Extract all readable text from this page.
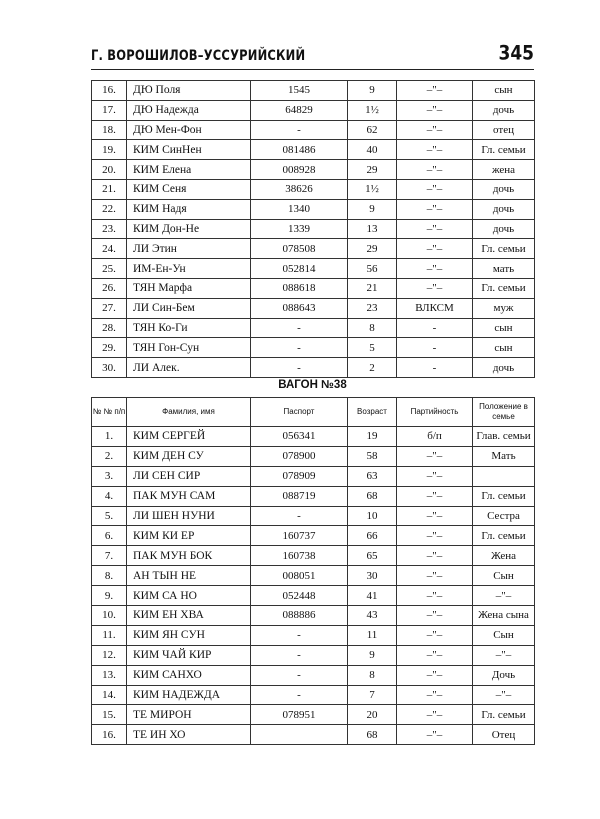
Г. ВОРОШИЛОВ–УССУРИЙСКИЙ	345
16.	ДЮ Поля	1545	9	–"–	сын
17.	ДЮ Надежда	64829	1½	–"–	дочь
18.	ДЮ Мен-Фон	-	62	–"–	отец
19.	КИМ СинНен	081486	40	–"–	Гл. семьи
20.	КИМ Елена	008928	29	–"–	жена
21.	КИМ Сеня	38626	1½	–"–	дочь
22.	КИМ Надя	1340	9	–"–	дочь
23.	КИМ Дон-Не	1339	13	–"–	дочь
24.	ЛИ Этин	078508	29	–"–	Гл. семьи
25.	ИМ-Ен-Ун	052814	56	–"–	мать
26.	ТЯН Марфа	088618	21	–"–	Гл. семьи
27.	ЛИ Син-Бем	088643	23	ВЛКСМ	муж
28.	ТЯН Ко-Ги	-	8	-	сын
29.	ТЯН Гон-Сун	-	5	-	сын
30.	ЛИ Алек.	-	2	-	дочь
ВАГОН №38
№ № п/п	Фамилия, имя	Паспорт	Возраст	Партийность	Положение в семье
1.	КИМ СЕРГЕЙ	056341	19	б/п	Глав. семьи
2.	КИМ ДЕН СУ	078900	58	–"–	Мать
3.	ЛИ СЕН СИР	078909	63	–"–	
4.	ПАК МУН САМ	088719	68	–"–	Гл. семьи
5.	ЛИ ШЕН НУНИ	-	10	–"–	Сестра
6.	КИМ КИ ЕР	160737	66	–"–	Гл. семьи
7.	ПАК МУН БОК	160738	65	–"–	Жена
8.	АН ТЫН НЕ	008051	30	–"–	Сын
9.	КИМ СА НО	052448	41	–"–	–"–
10.	КИМ ЕН ХВА	088886	43	–"–	Жена сына
11.	КИМ ЯН СУН	-	11	–"–	Сын
12.	КИМ ЧАЙ КИР	-	9	–"–	–"–
13.	КИМ САНХО	-	8	–"–	Дочь
14.	КИМ НАДЕЖДА	-	7	–"–	–"–
15.	ТЕ МИРОН	078951	20	–"–	Гл. семьи
16.	ТЕ ИН ХО		68	–"–	Отец
